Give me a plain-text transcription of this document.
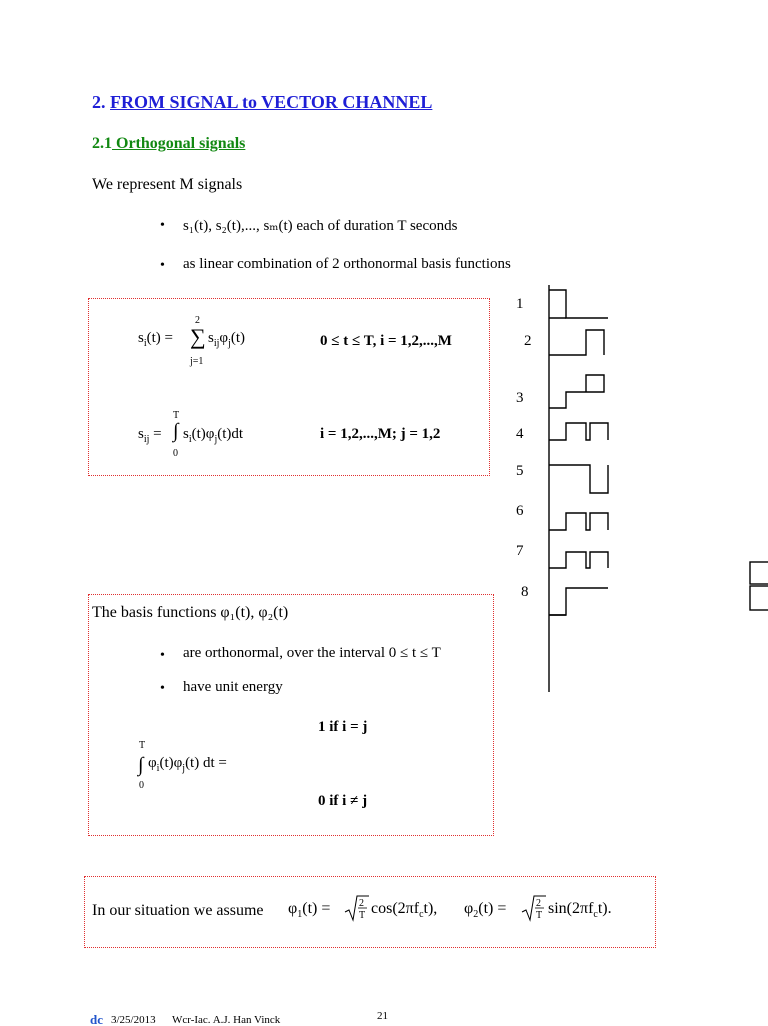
2. FROM SIGNAL to VECTOR CHANNEL
2.1 Orthogonal signals
We represent M signals
• s₁(t), s₂(t),..., sₘ(t) each of duration T seconds
• as linear combination of 2 orthonormal basis functions
$s_i(t)$ = ∑
2
j=1
$s_{ij}\varphi_j(t)$	0 ≤ t ≤ T, i = 1,2,...,M
$s_{ij}$ = ∫
T
0
$s_i(t)\varphi_j(t)dt$	i = 1,2,...,M; j = 1,2
1
2
3
4
5
6
7
8
The basis functions φ₁(t), φ₂(t)
• are orthonormal, over the interval 0 ≤ t ≤ T
• have unit energy
∫
T
0
$\varphi_i(t)\varphi_j(t)$ dt =
1 if i = j
0 if i ≠ j
In our situation we assume $\varphi_1(t)$ =	2
T $\cos(2\pi f_ct)$, $\varphi_2(t)$ =	2
T $\sin(2\pi f_ct)$.
dc 3/25/2013 Wcr-Iac. A.J. Han Vinck	21
